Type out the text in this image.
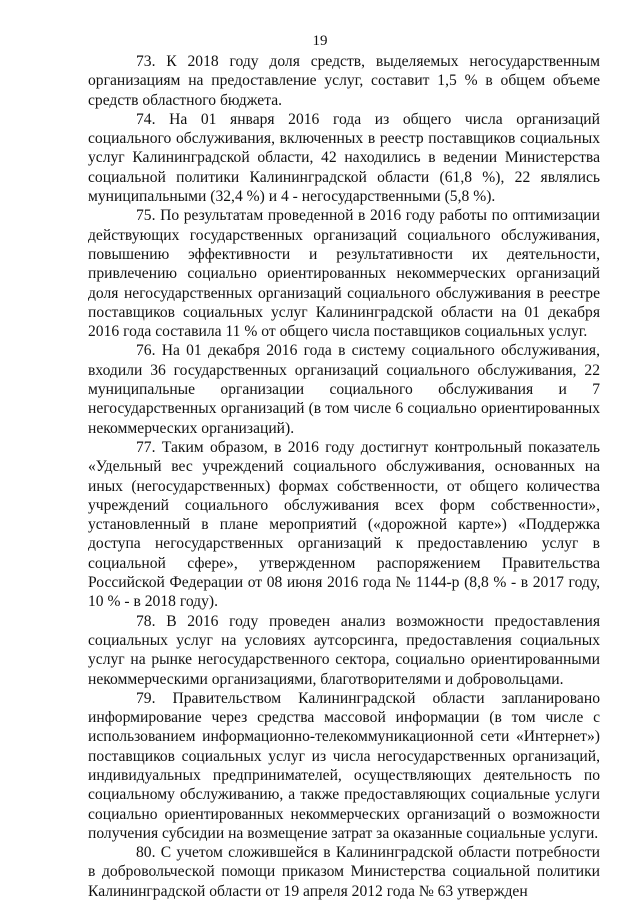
19

73. К 2018 году доля средств, выделяемых негосударственным организациям на предоставление услуг, составит 1,5 % в общем объеме средств областного бюджета.

74. На 01 января 2016 года из общего числа организаций социального обслуживания, включенных в реестр поставщиков социальных услуг Калининградской области, 42 находились в ведении Министерства социальной политики Калининградской области (61,8 %), 22 являлись муниципальными (32,4 %) и 4 - негосударственными (5,8 %).

75. По результатам проведенной в 2016 году работы по оптимизации действующих государственных организаций социального обслуживания, повышению эффективности и результативности их деятельности, привлечению социально ориентированных некоммерческих организаций доля негосударственных организаций социального обслуживания в реестре поставщиков социальных услуг Калининградской области на 01 декабря 2016 года составила 11 % от общего числа поставщиков социальных услуг.

76. На 01 декабря 2016 года в систему социального обслуживания, входили 36 государственных организаций социального обслуживания, 22 муниципальные организации социального обслуживания и 7 негосударственных организаций (в том числе 6 социально ориентированных некоммерческих организаций).

77. Таким образом, в 2016 году достигнут контрольный показатель «Удельный вес учреждений социального обслуживания, основанных на иных (негосударственных) формах собственности, от общего количества учреждений социального обслуживания всех форм собственности», установленный в плане мероприятий («дорожной карте») «Поддержка доступа негосударственных организаций к предоставлению услуг в социальной сфере», утвержденном распоряжением Правительства Российской Федерации от 08 июня 2016 года № 1144-р (8,8 % - в 2017 году, 10 % - в 2018 году).

78. В 2016 году проведен анализ возможности предоставления социальных услуг на условиях аутсорсинга, предоставления социальных услуг на рынке негосударственного сектора, социально ориентированными некоммерческими организациями, благотворителями и добровольцами.

79. Правительством Калининградской области запланировано информирование через средства массовой информации (в том числе с использованием информационно-телекоммуникационной сети «Интернет») поставщиков социальных услуг из числа негосударственных организаций, индивидуальных предпринимателей, осуществляющих деятельность по социальному обслуживанию, а также предоставляющих социальные услуги социально ориентированных некоммерческих организаций о возможности получения субсидии на возмещение затрат за оказанные социальные услуги.

80. С учетом сложившейся в Калининградской области потребности в добровольческой помощи приказом Министерства социальной политики Калининградской области от 19 апреля 2012 года № 63 утвержден
